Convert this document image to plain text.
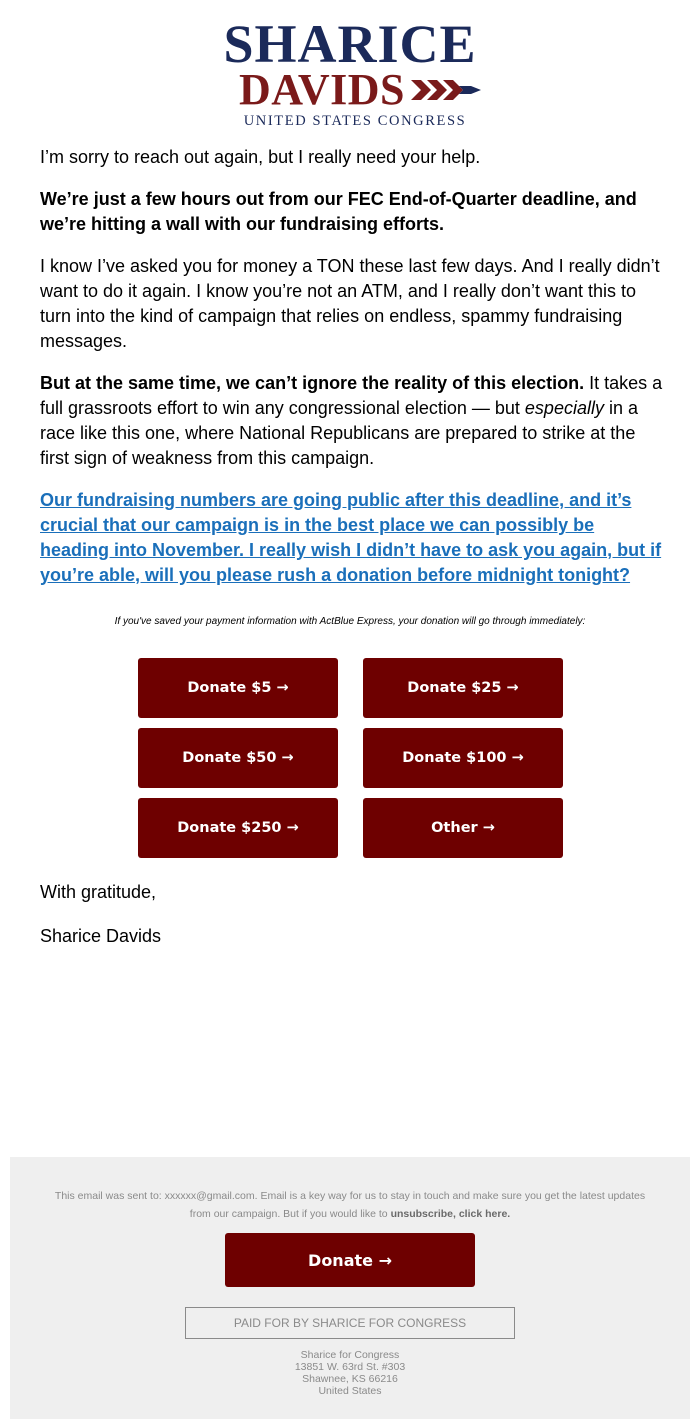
SHARICE
DAVIDS
UNITED STATES CONGRESS

I’m sorry to reach out again, but I really need your help.

We’re just a few hours out from our FEC End-of-Quarter deadline, and we’re hitting a wall with our fundraising efforts.

I know I’ve asked you for money a TON these last few days. And I really didn’t want to do it again. I know you’re not an ATM, and I really don’t want this to turn into the kind of campaign that relies on endless, spammy fundraising messages.

But at the same time, we can’t ignore the reality of this election. It takes a full grassroots effort to win any congressional election — but especially in a race like this one, where National Republicans are prepared to strike at the first sign of weakness from this campaign.

Our fundraising numbers are going public after this deadline, and it’s crucial that our campaign is in the best place we can possibly be heading into November. I really wish I didn’t have to ask you again, but if you’re able, will you please rush a donation before midnight tonight?

If you've saved your payment information with ActBlue Express, your donation will go through immediately:
Donate $5 →	Donate $25 →
Donate $50 →	Donate $100 →
Donate $250 →	Other →
With gratitude,
Sharice Davids
This email was sent to: xxxxxx@gmail.com. Email is a key way for us to stay in touch and make sure you get the latest updates from our campaign. But if you would like to unsubscribe, click here.
Donate →
PAID FOR BY SHARICE FOR CONGRESS
Sharice for Congress
13851 W. 63rd St. #303
Shawnee, KS 66216
United States
